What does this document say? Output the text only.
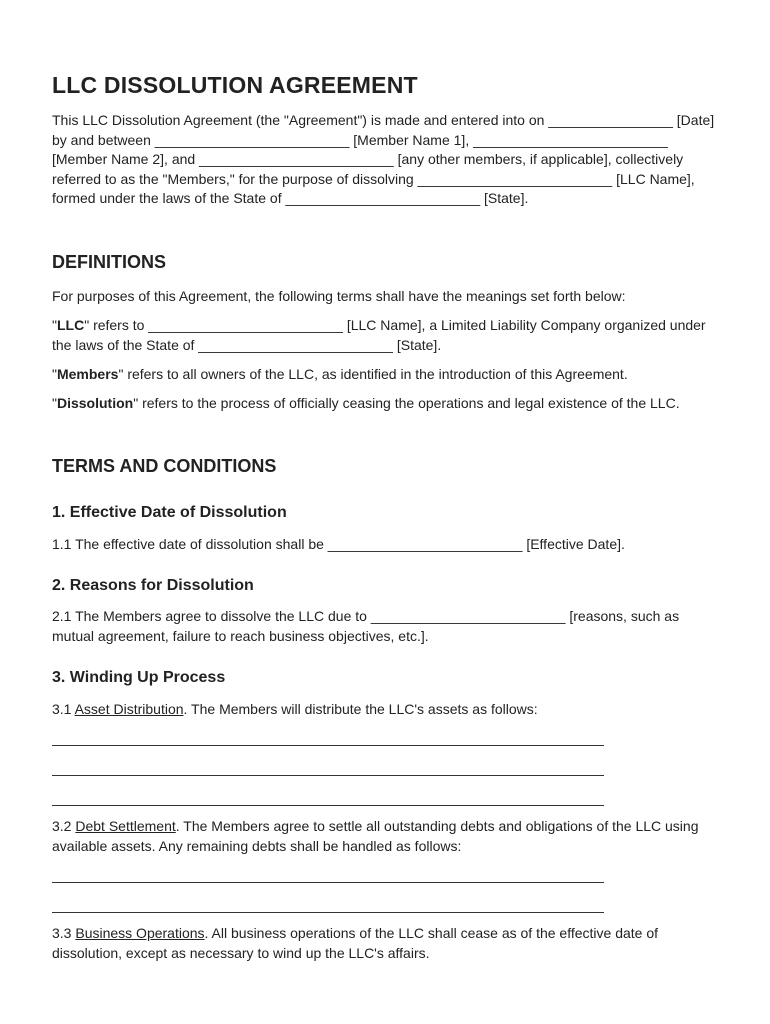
LLC DISSOLUTION AGREEMENT

This LLC Dissolution Agreement (the "Agreement") is made and entered into on ________________ [Date] by and between _________________________ [Member Name 1], _________________________ [Member Name 2], and _________________________ [any other members, if applicable], collectively referred to as the "Members," for the purpose of dissolving _________________________ [LLC Name], formed under the laws of the State of _________________________ [State].

DEFINITIONS

For purposes of this Agreement, the following terms shall have the meanings set forth below:

"LLC" refers to _________________________ [LLC Name], a Limited Liability Company organized under the laws of the State of _________________________ [State].

"Members" refers to all owners of the LLC, as identified in the introduction of this Agreement.

"Dissolution" refers to the process of officially ceasing the operations and legal existence of the LLC.

TERMS AND CONDITIONS
1. Effective Date of Dissolution

1.1 The effective date of dissolution shall be _________________________ [Effective Date].

2. Reasons for Dissolution

2.1 The Members agree to dissolve the LLC due to _________________________ [reasons, such as mutual agreement, failure to reach business objectives, etc.].

3. Winding Up Process

3.1 Asset Distribution. The Members will distribute the LLC's assets as follows:

3.2 Debt Settlement. The Members agree to settle all outstanding debts and obligations of the LLC using available assets. Any remaining debts shall be handled as follows:

3.3 Business Operations. All business operations of the LLC shall cease as of the effective date of dissolution, except as necessary to wind up the LLC's affairs.
